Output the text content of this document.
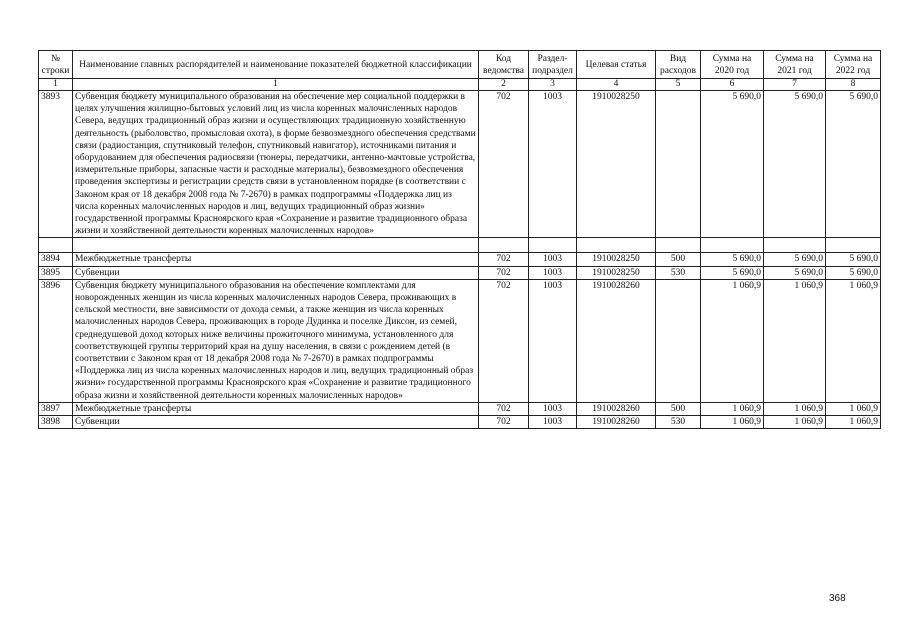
№ строки	Наименование главных распорядителей и наименование показателей бюджетной классификации	Код ведомства	Раздел-подраздел	Целевая статья	Вид расходов	Сумма на 2020 год	Сумма на 2021 год	Сумма на 2022 год
1	1	2	3	4	5	6	7	8
3893	Субвенция бюджету муниципального образования на обеспечение мер социальной поддержки в целях улучшения жилищно-бытовых условий лиц из числа коренных малочисленных народов Севера, ведущих традиционный образ жизни и осуществляющих традиционную хозяйственную деятельность (рыболовство, промысловая охота), в форме безвозмездного обеспечения средствами связи (радиостанция, спутниковый телефон, спутниковый навигатор), источниками питания и оборудованием для обеспечения радиосвязи (тюнеры, передатчики, антенно-мачтовые устройства, измерительные приборы, запасные части и расходные материалы), безвозмездного обеспечения проведения экспертизы и регистрации средств связи в установленном порядке (в соответствии с Законом края от 18 декабря 2008 года № 7-2670) в рамках подпрограммы «Поддержка лиц из числа коренных малочисленных народов и лиц, ведущих традиционный образ жизни» государственной программы Красноярского края «Сохранение и развитие традиционного образа жизни и хозяйственной деятельности коренных малочисленных народов»	702	1003	1910028250		5 690,0	5 690,0	5 690,0

3894	Межбюджетные трансферты	702	1003	1910028250	500	5 690,0	5 690,0	5 690,0
3895	Субвенции	702	1003	1910028250	530	5 690,0	5 690,0	5 690,0
3896	Субвенция бюджету муниципального образования на обеспечение комплектами для новорожденных женщин из числа коренных малочисленных народов Севера, проживающих в сельской местности, вне зависимости от дохода семьи, а также женщин из числа коренных малочисленных народов Севера, проживающих в городе Дудинка и поселке Диксон, из семей, среднедушевой доход которых ниже величины прожиточного минимума, установленного для соответствующей группы территорий края на душу населения, в связи с рождением детей (в соответствии с Законом края от 18 декабря 2008 года № 7-2670) в рамках подпрограммы «Поддержка лиц из числа коренных малочисленных народов и лиц, ведущих традиционный образ жизни» государственной программы Красноярского края «Сохранение и развитие традиционного образа жизни и хозяйственной деятельности коренных малочисленных народов»	702	1003	1910028260		1 060,9	1 060,9	1 060,9
3897	Межбюджетные трансферты	702	1003	1910028260	500	1 060,9	1 060,9	1 060,9
3898	Субвенции	702	1003	1910028260	530	1 060,9	1 060,9	1 060,9
368
